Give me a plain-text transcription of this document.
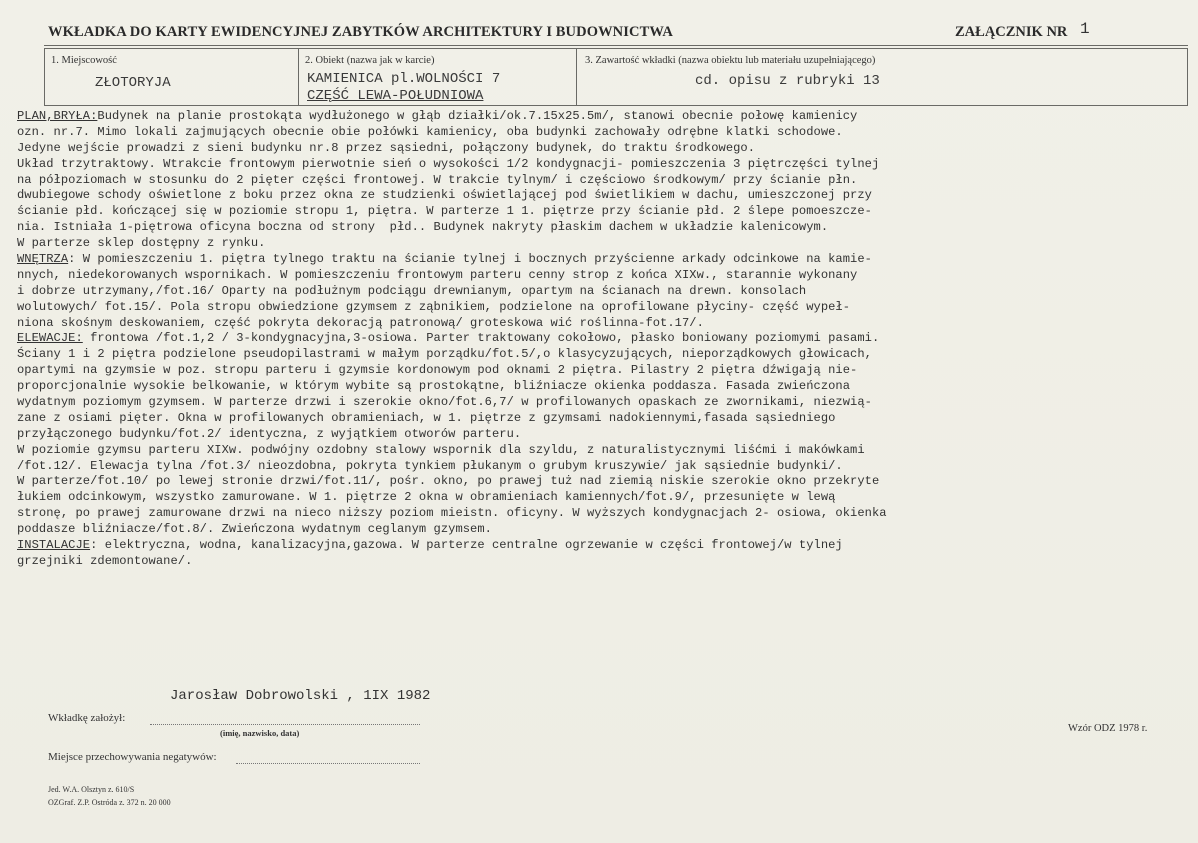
WKŁADKA DO KARTY EWIDENCYJNEJ ZABYTKÓW ARCHITEKTURY I BUDOWNICTWA	ZAŁĄCZNIK NR 1
1. Miejscowość
ZŁOTORYJA
2. Obiekt (nazwa jak w karcie)
KAMIENICA pl.WOLNOŚCI 7
CZĘŚĆ LEWA-POŁUDNIOWA
3. Zawartość wkładki (nazwa obiektu lub materiału uzupełniającego)
cd. opisu z rubryki 13
PLAN,BRYŁA:Budynek na planie prostokąta wydłużonego w głąb działki/ok.7.15x25.5m/, stanowi obecnie połowę kamienicy
ozn. nr.7. Mimo lokali zajmujących obecnie obie połówki kamienicy, oba budynki zachowały odrębne klatki schodowe.
Jedyne wejście prowadzi z sieni budynku nr.8 przez sąsiedni, połączony budynek, do traktu środkowego.
Układ trzytraktowy. Wtrakcie frontowym pierwotnie sień o wysokości 1/2 kondygnacji- pomieszczenia 3 piętrczęści tylnej
na półpoziomach w stosunku do 2 pięter części frontowej. W trakcie tylnym/ i częściowo środkowym/ przy ścianie płn.
dwubiegowe schody oświetlone z boku przez okna ze studzienki oświetlającej pod świetlikiem w dachu, umieszczonej przy
ścianie płd. kończącej się w poziomie stropu 1, piętra. W parterze 1 1. piętrze przy ścianie płd. 2 ślepe pomoeszcze-
nia. Istniała 1-piętrowa oficyna boczna od strony  płd.. Budynek nakryty płaskim dachem w układzie kalenicowym.
W parterze sklep dostępny z rynku.
WNĘTRZA: W pomieszczeniu 1. piętra tylnego traktu na ścianie tylnej i bocznych przyścienne arkady odcinkowe na kamie-
nnych, niedekorowanych wspornikach. W pomieszczeniu frontowym parteru cenny strop z końca XIXw., starannie wykonany
i dobrze utrzymany,/fot.16/ Oparty na podłużnym podciągu drewnianym, opartym na ścianach na drewn. konsolach
wolutowych/ fot.15/. Pola stropu obwiedzione gzymsem z ząbnikiem, podzielone na oprofilowane płyciny- część wypeł-
niona skośnym deskowaniem, część pokryta dekoracją patronową/ groteskowa wić roślinna-fot.17/.
ELEWACJE: frontowa /fot.1,2 / 3-kondygnacyjna,3-osiowa. Parter traktowany cokołowo, płasko boniowany poziomymi pasami.
Ściany 1 i 2 piętra podzielone pseudopilastrami w małym porządku/fot.5/,o klasycyzujących, nieporządkowych głowicach,
opartymi na gzymsie w poz. stropu parteru i gzymsie kordonowym pod oknami 2 piętra. Pilastry 2 piętra dźwigają nie-
proporcjonalnie wysokie belkowanie, w którym wybite są prostokątne, bliźniacze okienka poddasza. Fasada zwieńczona
wydatnym poziomym gzymsem. W parterze drzwi i szerokie okno/fot.6,7/ w profilowanych opaskach ze zwornikami, niezwią-
zane z osiami pięter. Okna w profilowanych obramieniach, w 1. piętrze z gzymsami nadokiennymi,fasada sąsiedniego
przyłączonego budynku/fot.2/ identyczna, z wyjątkiem otworów parteru.
W poziomie gzymsu parteru XIXw. podwójny ozdobny stalowy wspornik dla szyldu, z naturalistycznymi liśćmi i makówkami
/fot.12/. Elewacja tylna /fot.3/ nieozdobna, pokryta tynkiem płukanym o grubym kruszywie/ jak sąsiednie budynki/.
W parterze/fot.10/ po lewej stronie drzwi/fot.11/, pośr. okno, po prawej tuż nad ziemią niskie szerokie okno przekryte
łukiem odcinkowym, wszystko zamurowane. W 1. piętrze 2 okna w obramieniach kamiennych/fot.9/, przesunięte w lewą
stronę, po prawej zamurowane drzwi na nieco niższy poziom mieistn. oficyny. W wyższych kondygnacjach 2- osiowa, okienka
poddasze bliźniacze/fot.8/. Zwieńczona wydatnym ceglanym gzymsem.
INSTALACJE: elektryczna, wodna, kanalizacyjna,gazowa. W parterze centralne ogrzewanie w części frontowej/w tylnej
grzejniki zdemontowane/.
Jarosław Dobrowolski , 1IX 1982
Wkładkę założył:
(imię, nazwisko, data)	Wzór ODZ 1978 r.
Miejsce przechowywania negatywów:
Jed. W.A. Olsztyn z. 610/S
OZGraf. Z.P. Ostróda z. 372 n. 20 000
